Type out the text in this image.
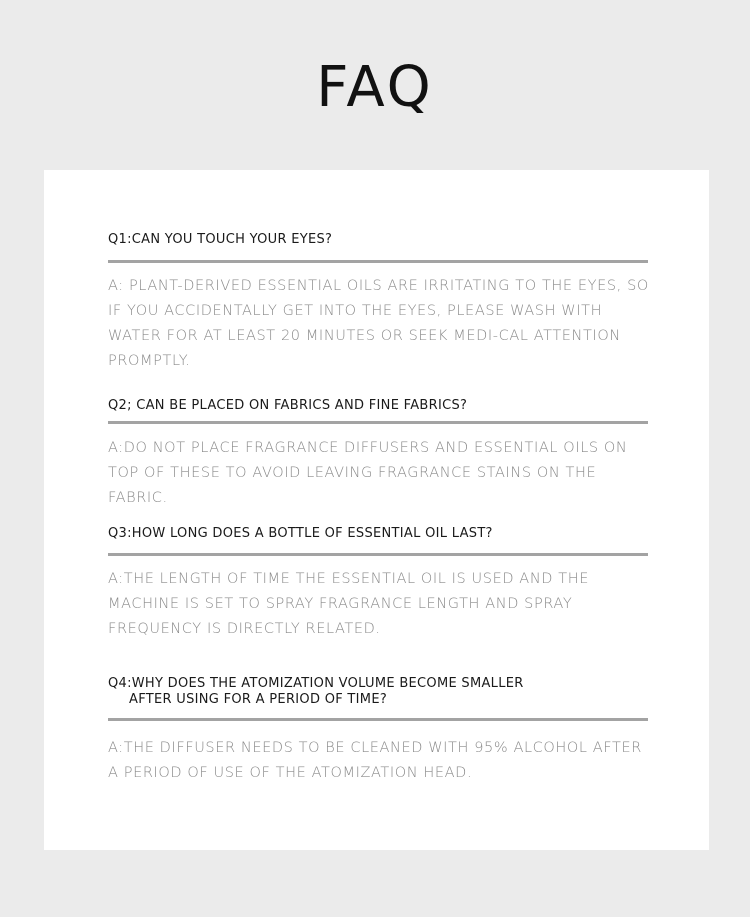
FAQ

Q1:CAN YOU TOUCH YOUR EYES?

A: PLANT-DERIVED ESSENTIAL OILS ARE IRRITATING TO THE EYES, SO IF YOU ACCIDENTALLY GET INTO THE EYES, PLEASE WASH WITH WATER FOR AT LEAST 20 MINUTES OR SEEK MEDI-CAL ATTENTION PROMPTLY.

Q2; CAN BE PLACED ON FABRICS AND FINE FABRICS?

A:DO NOT PLACE FRAGRANCE DIFFUSERS AND ESSENTIAL OILS ON TOP OF THESE TO AVOID LEAVING FRAGRANCE STAINS ON THE FABRIC.

Q3:HOW LONG DOES A BOTTLE OF ESSENTIAL OIL LAST?

A:THE LENGTH OF TIME THE ESSENTIAL OIL IS USED AND THE MACHINE IS SET TO SPRAY FRAGRANCE LENGTH AND SPRAY FREQUENCY IS DIRECTLY RELATED.

Q4:WHY DOES THE ATOMIZATION VOLUME BECOME SMALLER
AFTER USING FOR A PERIOD OF TIME?

A:THE DIFFUSER NEEDS TO BE CLEANED WITH 95% ALCOHOL AFTER A PERIOD OF USE OF THE ATOMIZATION HEAD.
